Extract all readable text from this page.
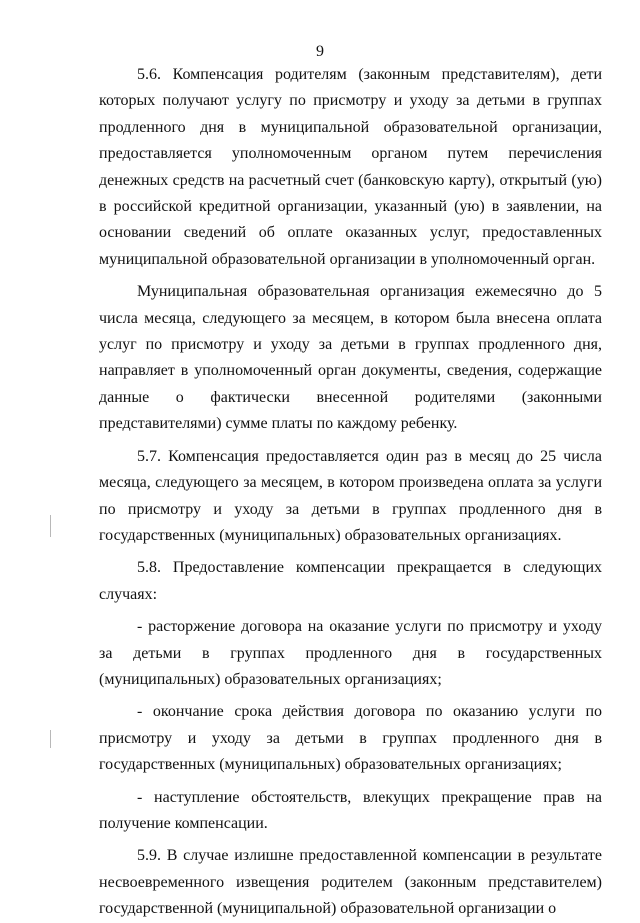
9

5.6. Компенсация родителям (законным представителям), дети которых получают услугу по присмотру и уходу за детьми в группах продленного дня в муниципальной образовательной организации, предоставляется уполномоченным органом путем перечисления денежных средств на расчетный счет (банковскую карту), открытый (ую) в российской кредитной организации, указанный (ую) в заявлении, на основании сведений об оплате оказанных услуг, предоставленных муниципальной образовательной организации в уполномоченный орган.

Муниципальная образовательная организация ежемесячно до 5 числа месяца, следующего за месяцем, в котором была внесена оплата услуг по присмотру и уходу за детьми в группах продленного дня, направляет в уполномоченный орган документы, сведения, содержащие данные о фактически внесенной родителями (законными представителями) сумме платы по каждому ребенку.

5.7. Компенсация предоставляется один раз в месяц до 25 числа месяца, следующего за месяцем, в котором произведена оплата за услуги по присмотру и уходу за детьми в группах продленного дня в государственных (муниципальных) образовательных организациях.

5.8. Предоставление компенсации прекращается в следующих случаях:

- расторжение договора на оказание услуги по присмотру и уходу за детьми в группах продленного дня в государственных (муниципальных) образовательных организациях;

- окончание срока действия договора по оказанию услуги по присмотру и уходу за детьми в группах продленного дня в государственных (муниципальных) образовательных организациях;

- наступление обстоятельств, влекущих прекращение прав на получение компенсации.

5.9. В случае излишне предоставленной компенсации в результате несвоевременного извещения родителем (законным представителем) государственной (муниципальной) образовательной организации о
